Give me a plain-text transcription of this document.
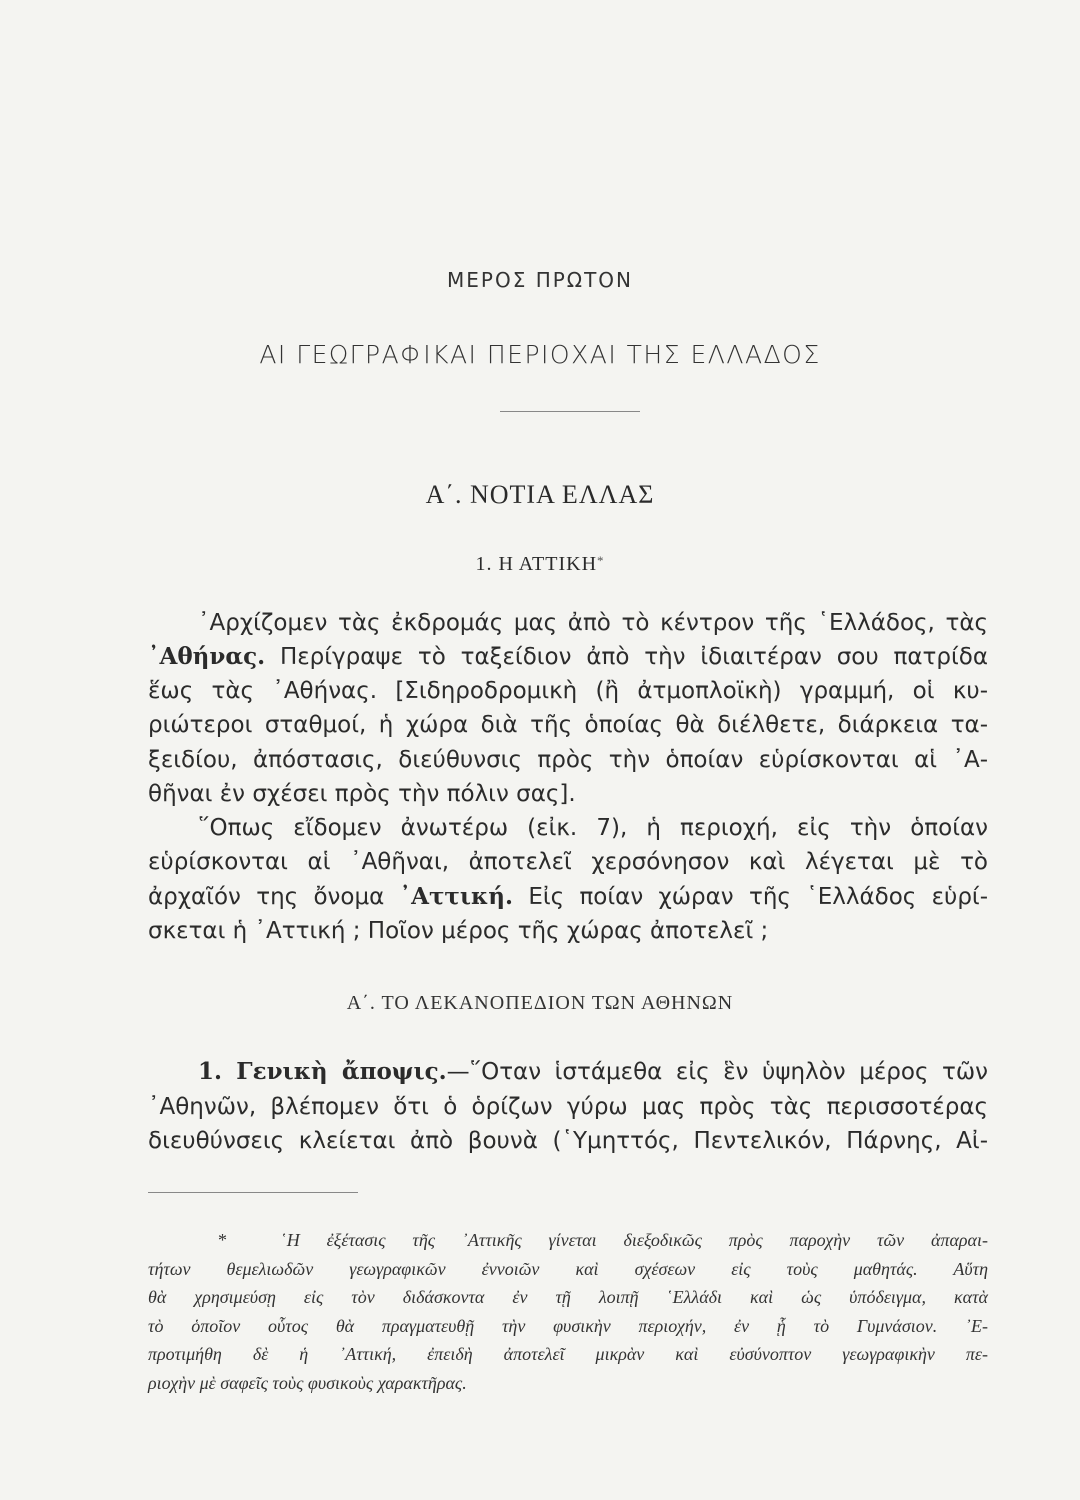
ΜΕΡΟΣ ΠΡΩΤΟΝ
ΑΙ ΓΕΩΓΡΑΦΙΚΑΙ ΠΕΡΙΟΧΑΙ ΤΗΣ ΕΛΛΑΔΟΣ
Α΄. ΝΟΤΙΑ ΕΛΛΑΣ
1. Η ΑΤΤΙΚΗ*
᾿Αρχίζομεν τὰς ἐκδρομάς μας ἀπὸ τὸ κέντρον τῆς ῾Ελλάδος, τὰς
᾿Αθήνας. Περίγραψε τὸ ταξείδιον ἀπὸ τὴν ἰδιαιτέραν σου πατρίδα
ἕως τὰς ᾿Αθήνας. [Σιδηροδρομικὴ (ἢ ἀτμοπλοϊκὴ) γραμμή, οἱ κυ-
ριώτεροι σταθμοί, ἡ χώρα διὰ τῆς ὁποίας θὰ διέλθετε, διάρκεια τα-
ξειδίου, ἀπόστασις, διεύθυνσις πρὸς τὴν ὁποίαν εὑρίσκονται αἱ ᾿Α-
θῆναι ἐν σχέσει πρὸς τὴν πόλιν σας].
῞Οπως εἴδομεν ἀνωτέρω (εἰκ. 7), ἡ περιοχή, εἰς τὴν ὁποίαν
εὑρίσκονται αἱ ᾿Αθῆναι, ἀποτελεῖ χερσόνησον καὶ λέγεται μὲ τὸ
ἀρχαῖόν της ὄνομα ᾿Αττική. Εἰς ποίαν χώραν τῆς ῾Ελλάδος εὑρί-
σκεται ἡ ᾿Αττική ; Ποῖον μέρος τῆς χώρας ἀποτελεῖ ;
Α΄. ΤΟ ΛΕΚΑΝΟΠΕΔΙΟΝ ΤΩΝ ΑΘΗΝΩΝ
1. Γενικὴ ἄποψις.—῞Οταν ἱστάμεθα εἰς ἓν ὑψηλὸν μέρος τῶν
᾿Αθηνῶν, βλέπομεν ὅτι ὁ ὁρίζων γύρω μας πρὸς τὰς περισσοτέρας
διευθύνσεις κλείεται ἀπὸ βουνὰ (῾Υμηττός, Πεντελικόν, Πάρνης, Αἰ-
*	῾Η ἐξέτασις τῆς ᾿Αττικῆς γίνεται διεξοδικῶς πρὸς παροχὴν τῶν ἀπαραι-
τήτων θεμελιωδῶν γεωγραφικῶν ἐννοιῶν καὶ σχέσεων εἰς τοὺς μαθητάς. Αὕτη
θὰ χρησιμεύσῃ εἰς τὸν διδάσκοντα ἐν τῇ λοιπῇ ῾Ελλάδι καὶ ὡς ὑπόδειγμα, κατὰ
τὸ ὁποῖον οὗτος θὰ πραγματευθῇ τὴν φυσικὴν περιοχήν, ἐν ᾗ τὸ Γυμνάσιον. ᾿Ε-
προτιμήθη δὲ ἡ ᾿Αττική, ἐπειδὴ ἀποτελεῖ μικρὰν καὶ εὐσύνοπτον γεωγραφικὴν πε-
ριοχὴν μὲ σαφεῖς τοὺς φυσικοὺς χαρακτῆρας.
